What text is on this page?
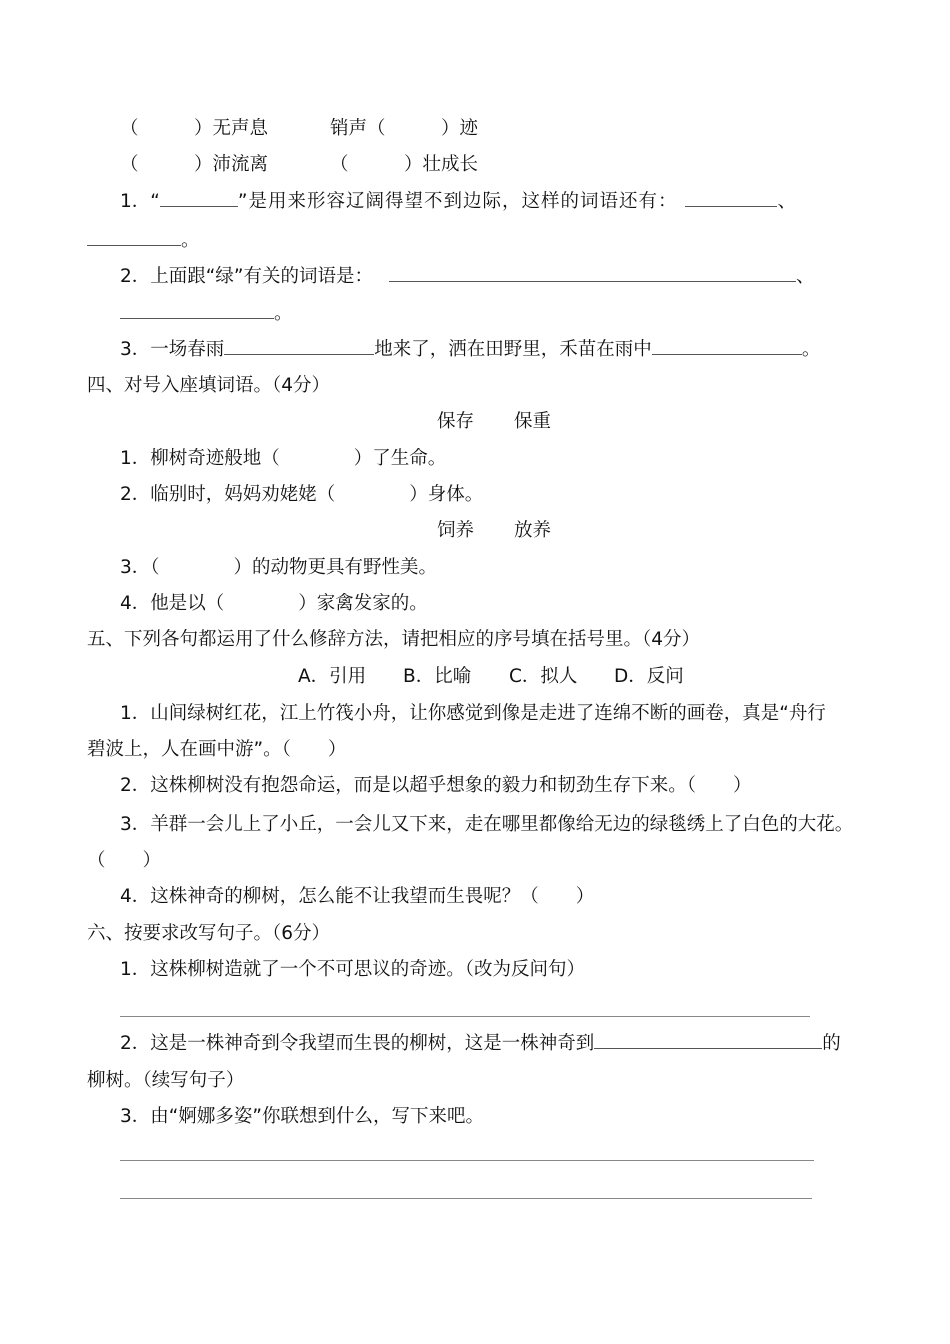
（　　　）无声息	销声（　　　）迹
（　　　）沛流离	（　　　）壮成长
1．“	”是用来形容辽阔得望不到边际，这样的词语还有：	、
。
2．上面跟“绿”有关的词语是：	、
。
3．一场春雨	地来了，洒在田野里，禾苗在雨中	。
四、对号入座填词语。（4分）
保存 保重
1．柳树奇迹般地（　　　　）了生命。
2．临别时，妈妈劝姥姥（　　　　）身体。
饲养 放养
3．（　　　　）的动物更具有野性美。
4．他是以（　　　　）家禽发家的。
五、下列各句都运用了什么修辞方法，请把相应的序号填在括号里。（4分）
A．引用 B．比喻 C．拟人 D．反问
1．山间绿树红花，江上竹筏小舟，让你感觉到像是走进了连绵不断的画卷，真是“舟行
碧波上，人在画中游”。（　　）
2．这株柳树没有抱怨命运，而是以超乎想象的毅力和韧劲生存下来。（　　）
3．羊群一会儿上了小丘，一会儿又下来，走在哪里都像给无边的绿毯绣上了白色的大花。
（　　）
4．这株神奇的柳树，怎么能不让我望而生畏呢？（　　）
六、按要求改写句子。（6分）
1．这株柳树造就了一个不可思议的奇迹。（改为反问句）
2．这是一株神奇到令我望而生畏的柳树，这是一株神奇到	的
柳树。（续写句子）
3．由“婀娜多姿”你联想到什么，写下来吧。
